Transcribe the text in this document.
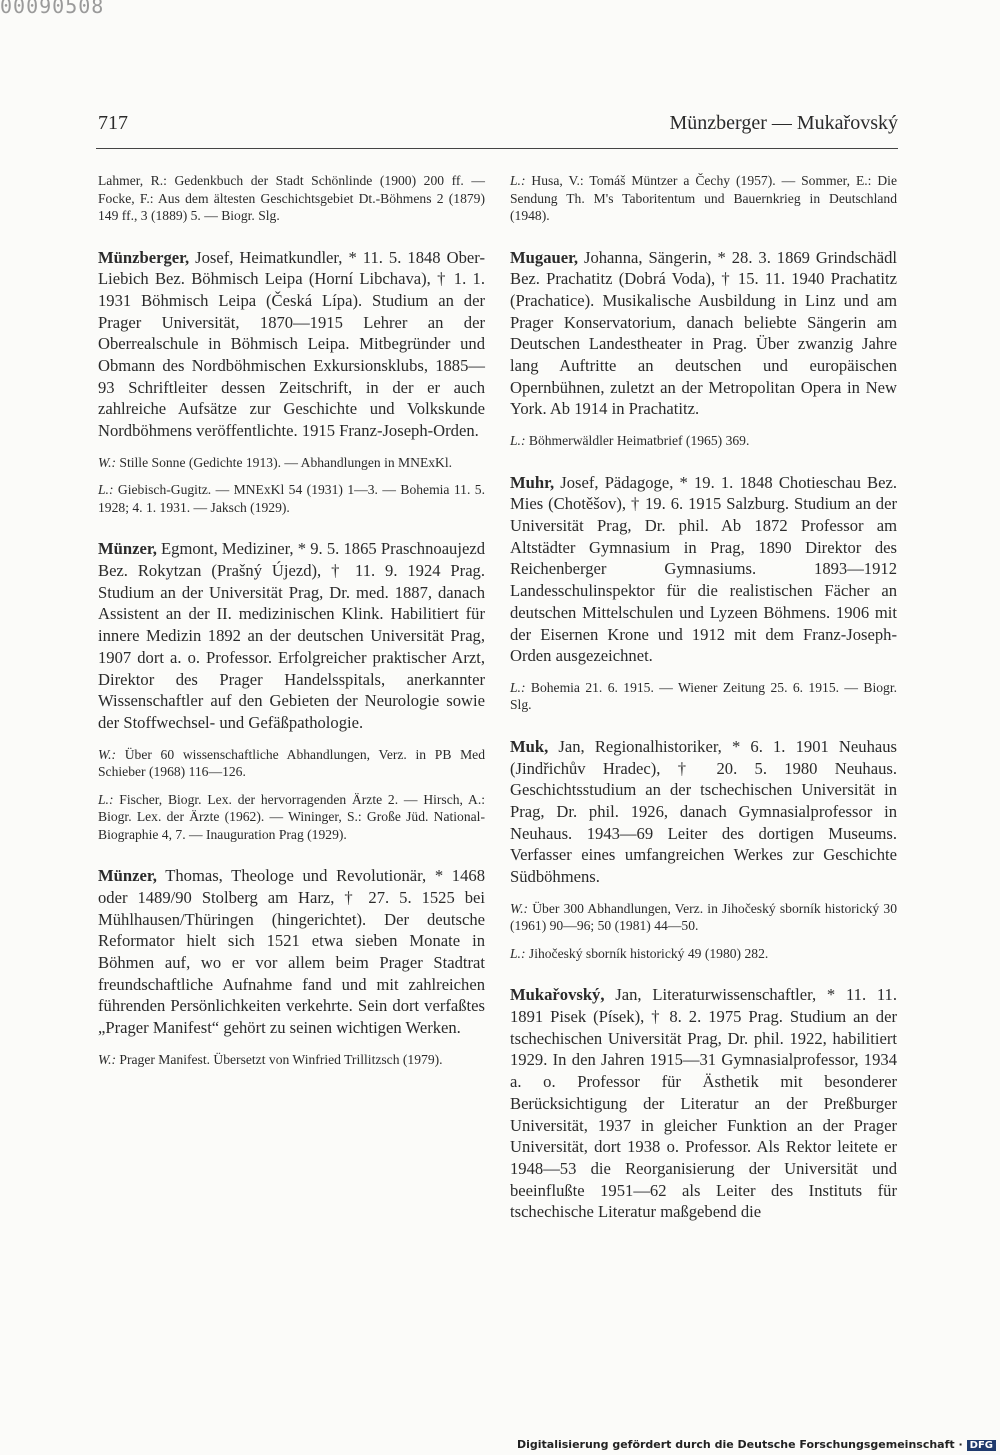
00090508
717	Münzberger — Mukařovský

Lahmer, R.: Gedenkbuch der Stadt Schönlinde (1900) 200 ff. — Focke, F.: Aus dem ältesten Geschichtsgebiet Dt.-Böhmens 2 (1879) 149 ff., 3 (1889) 5. — Biogr. Slg.

Münzberger, Josef, Heimatkundler, * 11. 5. 1848 Ober-Liebich Bez. Böhmisch Leipa (Horní Libchava), † 1. 1. 1931 Böhmisch Leipa (Česká Lípa). Studium an der Prager Universität, 1870—1915 Lehrer an der Oberrealschule in Böhmisch Leipa. Mitbegründer und Obmann des Nordböhmischen Exkursionsklubs, 1885—93 Schriftleiter dessen Zeitschrift, in der er auch zahlreiche Aufsätze zur Geschichte und Volkskunde Nordböhmens veröffentlichte. 1915 Franz-Joseph-Orden.

W.: Stille Sonne (Gedichte 1913). — Abhandlungen in MNExKl.

L.: Giebisch-Gugitz. — MNExKl 54 (1931) 1—3. — Bohemia 11. 5. 1928; 4. 1. 1931. — Jaksch (1929).

Münzer, Egmont, Mediziner, * 9. 5. 1865 Praschnoaujezd Bez. Rokytzan (Prašný Újezd), † 11. 9. 1924 Prag. Studium an der Universität Prag, Dr. med. 1887, danach Assistent an der II. medizinischen Klink. Habilitiert für innere Medizin 1892 an der deutschen Universität Prag, 1907 dort a. o. Professor. Erfolgreicher praktischer Arzt, Direktor des Prager Handelsspitals, anerkannter Wissenschaftler auf den Gebieten der Neurologie sowie der Stoffwechsel- und Gefäßpathologie.

W.: Über 60 wissenschaftliche Abhandlungen, Verz. in PB Med Schieber (1968) 116—126.

L.: Fischer, Biogr. Lex. der hervorragenden Ärzte 2. — Hirsch, A.: Biogr. Lex. der Ärzte (1962). — Wininger, S.: Große Jüd. National-Biographie 4, 7. — Inauguration Prag (1929).

Münzer, Thomas, Theologe und Revolutionär, * 1468 oder 1489/90 Stolberg am Harz, † 27. 5. 1525 bei Mühlhausen/Thüringen (hingerichtet). Der deutsche Reformator hielt sich 1521 etwa sieben Monate in Böhmen auf, wo er vor allem beim Prager Stadtrat freundschaftliche Aufnahme fand und mit zahlreichen führenden Persönlichkeiten verkehrte. Sein dort verfaßtes „Prager Manifest“ gehört zu seinen wichtigen Werken.

W.: Prager Manifest. Übersetzt von Winfried Trillitzsch (1979).

L.: Husa, V.: Tomáš Müntzer a Čechy (1957). — Sommer, E.: Die Sendung Th. M's Taboritentum und Bauernkrieg in Deutschland (1948).

Mugauer, Johanna, Sängerin, * 28. 3. 1869 Grindschädl Bez. Prachatitz (Dobrá Voda), † 15. 11. 1940 Prachatitz (Prachatice). Musikalische Ausbildung in Linz und am Prager Konservatorium, danach beliebte Sängerin am Deutschen Landestheater in Prag. Über zwanzig Jahre lang Auftritte an deutschen und europäischen Opernbühnen, zuletzt an der Metropolitan Opera in New York. Ab 1914 in Prachatitz.

L.: Böhmerwäldler Heimatbrief (1965) 369.

Muhr, Josef, Pädagoge, * 19. 1. 1848 Chotieschau Bez. Mies (Chotěšov), † 19. 6. 1915 Salzburg. Studium an der Universität Prag, Dr. phil. Ab 1872 Professor am Altstädter Gymnasium in Prag, 1890 Direktor des Reichenberger Gymnasiums. 1893—1912 Landesschulinspektor für die realistischen Fächer an deutschen Mittelschulen und Lyzeen Böhmens. 1906 mit der Eisernen Krone und 1912 mit dem Franz-Joseph-Orden ausgezeichnet.

L.: Bohemia 21. 6. 1915. — Wiener Zeitung 25. 6. 1915. — Biogr. Slg.

Muk, Jan, Regionalhistoriker, * 6. 1. 1901 Neuhaus (Jindřichův Hradec), † 20. 5. 1980 Neuhaus. Geschichtsstudium an der tschechischen Universität in Prag, Dr. phil. 1926, danach Gymnasialprofessor in Neuhaus. 1943—69 Leiter des dortigen Museums. Verfasser eines umfangreichen Werkes zur Geschichte Südböhmens.

W.: Über 300 Abhandlungen, Verz. in Jihočeský sborník historický 30 (1961) 90—96; 50 (1981) 44—50.

L.: Jihočeský sborník historický 49 (1980) 282.

Mukařovský, Jan, Literaturwissenschaftler, * 11. 11. 1891 Pisek (Písek), † 8. 2. 1975 Prag. Studium an der tschechischen Universität Prag, Dr. phil. 1922, habilitiert 1929. In den Jahren 1915—31 Gymnasialprofessor, 1934 a. o. Professor für Ästhetik mit besonderer Berücksichtigung der Literatur an der Preßburger Universität, 1937 in gleicher Funktion an der Prager Universität, dort 1938 o. Professor. Als Rektor leitete er 1948—53 die Reorganisierung der Universität und beeinflußte 1951—62 als Leiter des Instituts für tschechische Literatur maßgebend die

Digitalisierung gefördert durch die Deutsche Forschungsgemeinschaft · DFG
